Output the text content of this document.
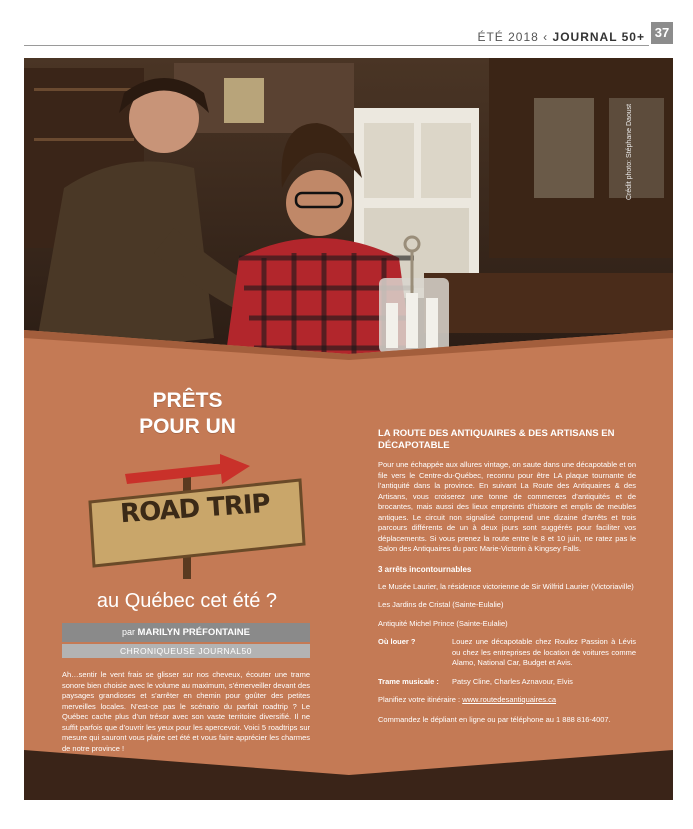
ÉTÉ 2018 ‹ JOURNAL 50+ 37
Crédit photo: Stéphane Daoust
PRÊTS
POUR UN
ROAD TRIP
au Québec cet été ?
par MARILYN PRÉFONTAINE
CHRONIQUEUSE JOURNAL50
Ah…sentir le vent frais se glisser sur nos cheveux, écouter une trame sonore bien choisie avec le volume au maximum, s’émerveiller devant des paysages grandioses et s’arrêter en chemin pour goûter des petites merveilles locales. N’est-ce pas le scénario du parfait roadtrip ? Le Québec cache plus d’un trésor avec son vaste territoire diversifié. Il ne suffit parfois que d’ouvrir les yeux pour les apercevoir. Voici 5 roadtrips sur mesure qui sauront vous plaire cet été et vous faire apprécier les charmes de notre province !
LA ROUTE DES ANTIQUAIRES & DES ARTISANS EN DÉCAPOTABLE
Pour une échappée aux allures vintage, on saute dans une décapotable et on file vers le Centre-du-Québec, reconnu pour être LA plaque tournante de l’antiquité dans la province. En suivant La Route des Antiquaires & des Artisans, vous croiserez une tonne de commerces d’antiquités et de brocantes, mais aussi des lieux empreints d’histoire et emplis de meubles antiques. Le circuit non signalisé comprend une dizaine d’arrêts et trois parcours différents de un à deux jours sont suggérés pour faciliter vos déplacements. Si vous prenez la route entre le 8 et 10 juin, ne ratez pas le Salon des Antiquaires du parc Marie-Victorin à Kingsey Falls.
3 arrêts incontournables
Le Musée Laurier, la résidence victorienne de Sir Wilfrid Laurier (Victoriaville)
Les Jardins de Cristal (Sainte-Eulalie)
Antiquité Michel Prince (Sainte-Eulalie)
Où louer ?	Louez une décapotable chez Roulez Passion à Lévis ou chez les entreprises de location de voitures comme Alamo, National Car, Budget et Avis.
Trame musicale :	Patsy Cline, Charles Aznavour, Elvis
Planifiez votre itinéraire : www.routedesantiquaires.ca
Commandez le dépliant en ligne ou par téléphone au 1 888 816-4007.
